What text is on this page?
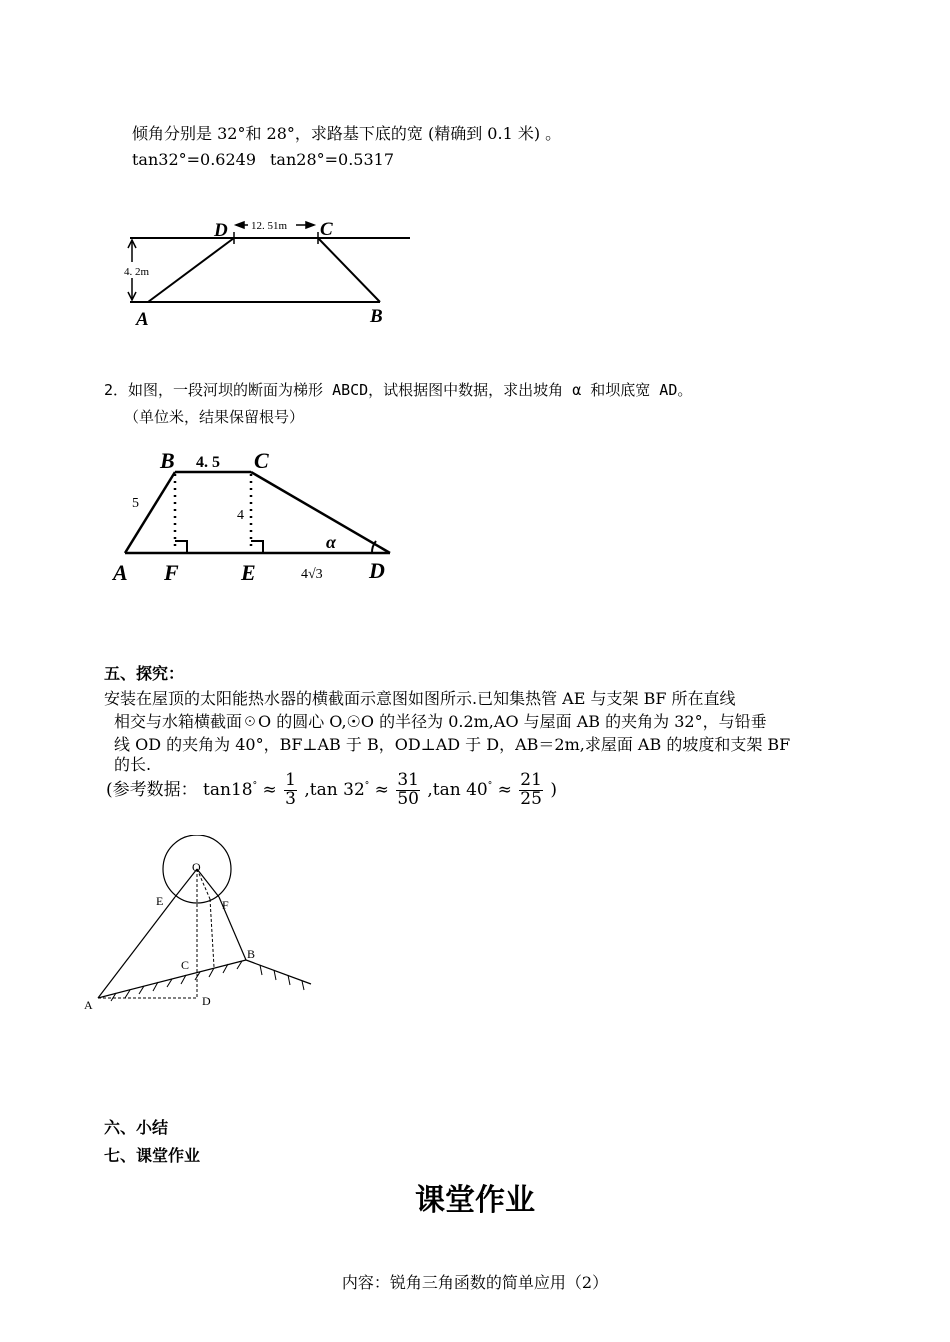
倾角分别是 32°和 28°，求路基下底的宽 (精确到 0.1 米) 。
tan32°=0.6249 tan28°=0.5317
4. 2m
12. 51m
D	C
A	B
2．如图，一段河坝的断面为梯形 ABCD，试根据图中数据，求出坡角 α 和坝底宽 AD。
（单位米，结果保留根号）
B	C
4. 5
5
4
α
A F	E	4√3 D
五、探究：
安装在屋顶的太阳能热水器的横截面示意图如图所示.已知集热管 AE 与支架 BF 所在直线
相交与水箱横截面☉O 的圆心 O,☉O 的半径为 0.2m,AO 与屋面 AB 的夹角为 32°，与铅垂
线 OD 的夹角为 40°，BF⊥AB 于 B，OD⊥AD 于 D，AB＝2m,求屋面 AB 的坡度和支架 BF
的长.
(参考数据： $\tan 18^\circ \approx \frac{1}{3} ,\tan$ $32^\circ \approx \frac{31}{50} ,\tan$ $40^\circ \approx \frac{21}{25}$ )
O
E	F
B
C
A	D
六、小结
七、课堂作业
课堂作业
内容：锐角三角函数的简单应用（2）
